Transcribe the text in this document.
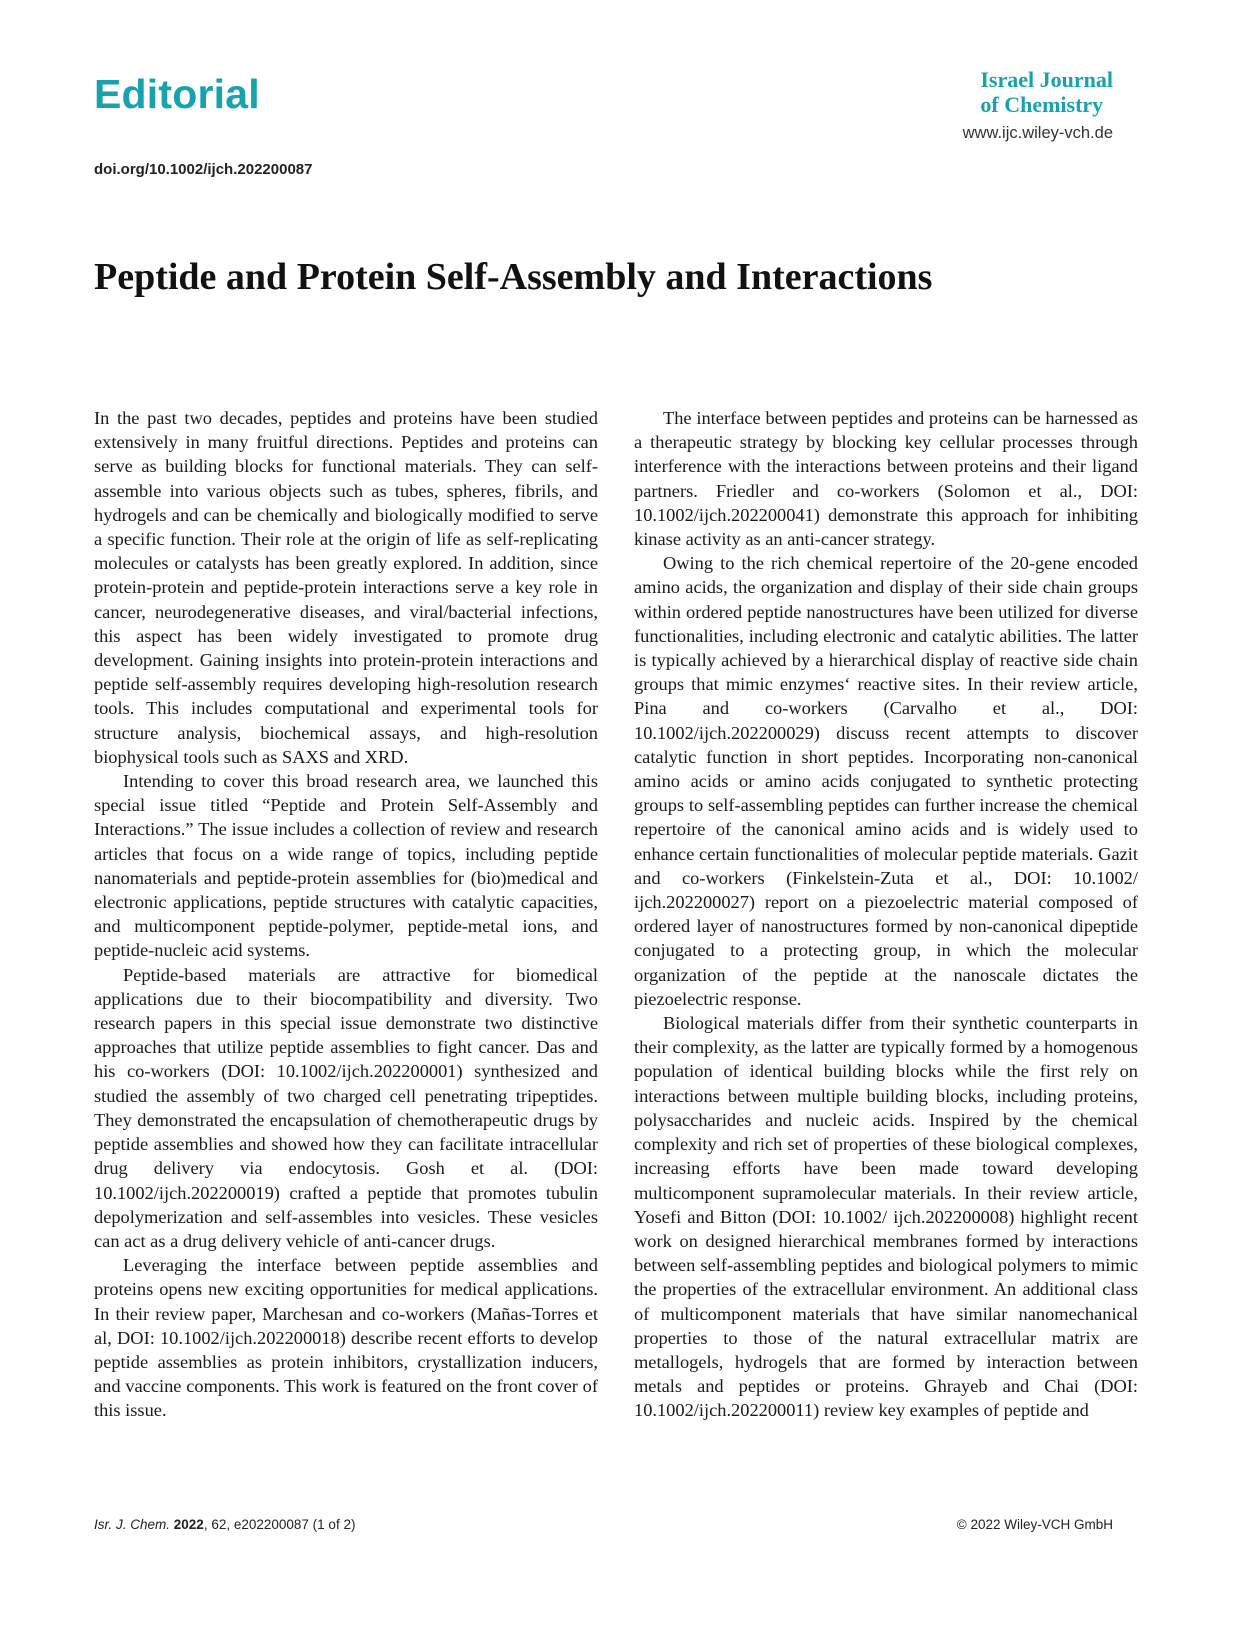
Editorial	Israel Journal
of Chemistry
www.ijc.wiley-vch.de
doi.org/10.1002/ijch.202200087
Peptide and Protein Self-Assembly and Interactions

In the past two decades, peptides and proteins have been studied extensively in many fruitful directions. Peptides and proteins can serve as building blocks for functional materials. They can self-assemble into various objects such as tubes, spheres, fibrils, and hydrogels and can be chemically and biologically modified to serve a specific function. Their role at the origin of life as self-replicating molecules or catalysts has been greatly explored. In addition, since protein-protein and peptide-protein interactions serve a key role in cancer, neurodegenerative diseases, and viral/bacterial infections, this aspect has been widely investigated to promote drug development. Gaining insights into protein-protein interactions and peptide self-assembly requires developing high-resolution research tools. This includes computational and experimental tools for structure analysis, biochemical assays, and high-resolution biophysical tools such as SAXS and XRD.

Intending to cover this broad research area, we launched this special issue titled “Peptide and Protein Self-Assembly and Interactions.” The issue includes a collection of review and research articles that focus on a wide range of topics, including peptide nanomaterials and peptide-protein assemblies for (bio)medical and electronic applications, peptide structures with catalytic capacities, and multicomponent peptide-polymer, peptide-metal ions, and peptide-nucleic acid systems.

Peptide-based materials are attractive for biomedical applications due to their biocompatibility and diversity. Two research papers in this special issue demonstrate two distinctive approaches that utilize peptide assemblies to fight cancer. Das and his co-workers (DOI: 10.1002/ijch.202200001) synthesized and studied the assembly of two charged cell penetrating tripeptides. They demonstrated the encapsulation of chemotherapeutic drugs by peptide assemblies and showed how they can facilitate intracellular drug delivery via endocytosis. Gosh et al. (DOI: 10.1002/ijch.202200019) crafted a peptide that promotes tubulin depolymerization and self-assembles into vesicles. These vesicles can act as a drug delivery vehicle of anti-cancer drugs.

Leveraging the interface between peptide assemblies and proteins opens new exciting opportunities for medical applications. In their review paper, Marchesan and co-workers (Mañas-Torres et al, DOI: 10.1002/ijch.202200018) describe recent efforts to develop peptide assemblies as protein inhibitors, crystallization inducers, and vaccine components. This work is featured on the front cover of this issue.

The interface between peptides and proteins can be harnessed as a therapeutic strategy by blocking key cellular processes through interference with the interactions between proteins and their ligand partners. Friedler and co-workers (Solomon et al., DOI: 10.1002/ijch.202200041) demonstrate this approach for inhibiting kinase activity as an anti-cancer strategy.

Owing to the rich chemical repertoire of the 20-gene encoded amino acids, the organization and display of their side chain groups within ordered peptide nanostructures have been utilized for diverse functionalities, including electronic and catalytic abilities. The latter is typically achieved by a hierarchical display of reactive side chain groups that mimic enzymes‘ reactive sites. In their review article, Pina and co-workers (Carvalho et al., DOI: 10.1002/ijch.202200029) discuss recent attempts to discover catalytic function in short peptides. Incorporating non-canonical amino acids or amino acids conjugated to synthetic protecting groups to self-assembling peptides can further increase the chemical repertoire of the canonical amino acids and is widely used to enhance certain functionalities of molecular peptide materials. Gazit and co-workers (Finkelstein-Zuta et al., DOI: 10.1002/ ijch.202200027) report on a piezoelectric material composed of ordered layer of nanostructures formed by non-canonical dipeptide conjugated to a protecting group, in which the molecular organization of the peptide at the nanoscale dictates the piezoelectric response.

Biological materials differ from their synthetic counterparts in their complexity, as the latter are typically formed by a homogenous population of identical building blocks while the first rely on interactions between multiple building blocks, including proteins, polysaccharides and nucleic acids. Inspired by the chemical complexity and rich set of properties of these biological complexes, increasing efforts have been made toward developing multicomponent supramolecular materials. In their review article, Yosefi and Bitton (DOI: 10.1002/ ijch.202200008) highlight recent work on designed hierarchical membranes formed by interactions between self-assembling peptides and biological polymers to mimic the properties of the extracellular environment. An additional class of multicomponent materials that have similar nanomechanical properties to those of the natural extracellular matrix are metallogels, hydrogels that are formed by interaction between metals and peptides or proteins. Ghrayeb and Chai (DOI: 10.1002/ijch.202200011) review key examples of peptide and

Isr. J. Chem. 2022, 62, e202200087 (1 of 2)	© 2022 Wiley-VCH GmbH
